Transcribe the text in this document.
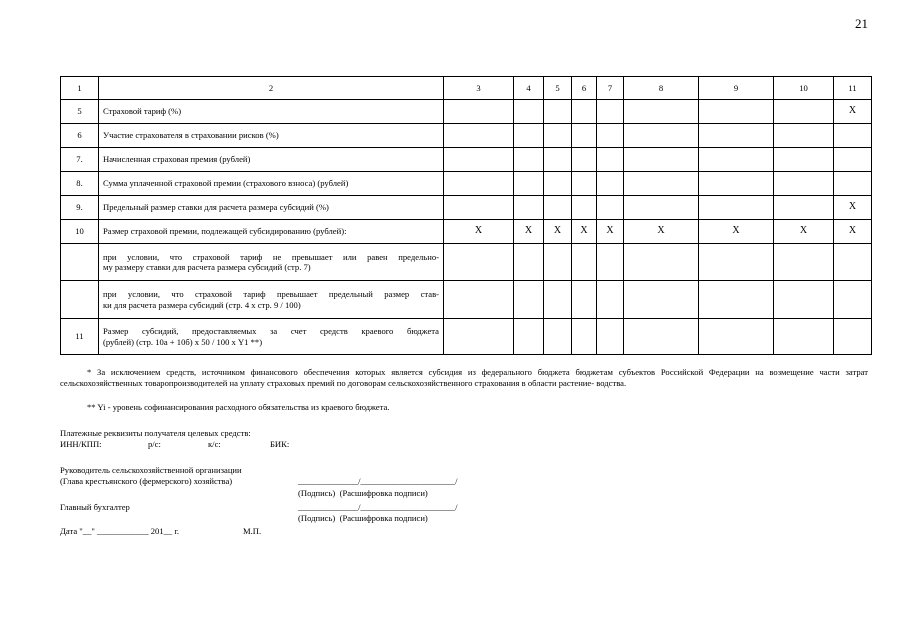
21
1	2	3	4	5	6	7	8	9	10	11
5	Страховой тариф (%)									X
6	Участие страхователя в страховании рисков (%)									
7.	Начисленная страховая премия (рублей)									
8.	Сумма уплаченной страховой премии (страхового взноса) (рублей)									
9.	Предельный размер ставки для расчета размера субсидий (%)									X
10	Размер страховой премии, подлежащей субсидированию (рублей):	X	X	X	X	X	X	X	X	X

	при условии, что страховой тариф не превышает или равен предельно-
му размеру ставки для расчета размера субсидий (стр. 7)									

	при условии, что страховой тариф превышает предельный размер став-
ки для расчета размера субсидий (стр. 4 х стр. 9 / 100)									

11	Размер субсидий, предоставляемых за счет средств краевого бюджета
(рублей) (стр. 10а + 10б) х 50 / 100 х Y1 **)									

* За исключением средств, источником финансового обеспечения которых является субсидия из федерального бюджета бюджетам субъектов Российской Федерации на возмещение части затрат сельскохозяйственных товаропроизводителей на уплату страховых премий по договорам сельскохозяйственного страхования в области растение- водства.
** Yi - уровень софинансирования расходного обязательства из краевого бюджета.
Платежные реквизиты получателя целевых средств:
ИНН/КПП:	р/с:	к/с:	БИК:
Руководитель сельскохозяйственной организации
(Глава крестьянского (фермерского) хозяйства)	______________/______________________/
(Подпись)  (Расшифровка подписи)
Главный бухгалтер	______________/______________________/
(Подпись)  (Расшифровка подписи)
Дата "__" ____________ 201__ г.	М.П.
